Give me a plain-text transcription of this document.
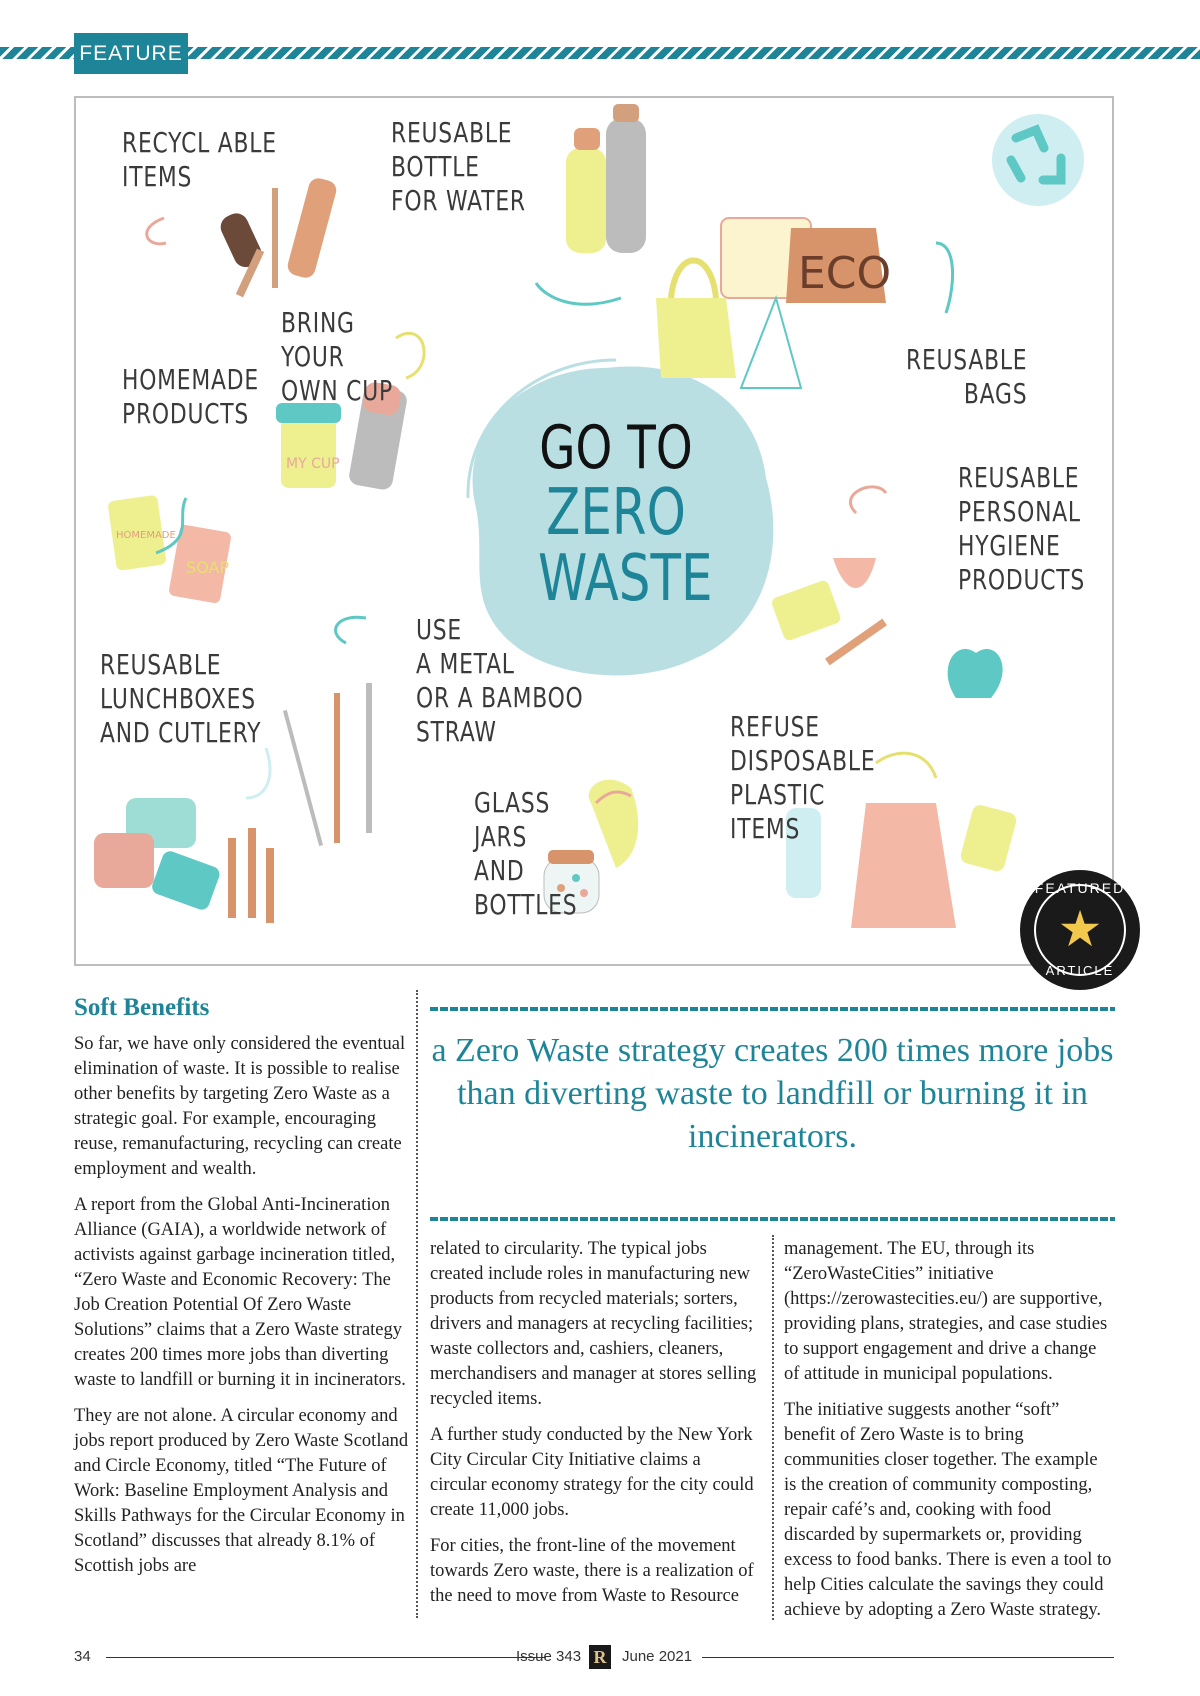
FEATURE
ECO
MY CUP
HOMEMADE
SOAP
RECYCL ABLE
ITEMS
REUSABLE
BOTTLE
FOR WATER
BRING
YOUR
OWN CUP
HOMEMADE
PRODUCTS
REUSABLE
BAGS
REUSABLE
PERSONAL
HYGIENE
PRODUCTS
REUSABLE
LUNCHBOXES
AND CUTLERY
USE
A METAL
OR A BAMBOO
STRAW
GLASS
JARS
AND
BOTTLES
REFUSE
DISPOSABLE
PLASTIC
ITEMS
GO TO
ZERO
WASTE
FEATURED
★
ARTICLE
Soft Benefits

So far, we have only considered the eventual elimination of waste. It is possible to realise other benefits by targeting Zero Waste as a strategic goal. For example, encouraging reuse, remanufacturing, recycling can create employment and wealth.

A report from the Global Anti-Incineration Alliance (GAIA), a worldwide network of activists against garbage incineration titled, “Zero Waste and Economic Recovery: The Job Creation Potential Of Zero Waste Solutions” claims that a Zero Waste strategy creates 200 times more jobs than diverting waste to landfill or burning it in incinerators.

They are not alone. A circular economy and jobs report produced by Zero Waste Scotland and Circle Economy, titled “The Future of Work: Baseline Employment Analysis and Skills Pathways for the Circular Economy in Scotland” discusses that already 8.1% of Scottish jobs are

a Zero Waste strategy creates 200 times more jobs than diverting waste to landfill or burning it in incinerators.

related to circularity. The typical jobs created include roles in manufacturing new products from recycled materials; sorters, drivers and managers at recycling facilities; waste collectors and, cashiers, cleaners, merchandisers and manager at stores selling recycled items.

A further study conducted by the New York City Circular City Initiative claims a circular economy strategy for the city could create 11,000 jobs.

For cities, the front-line of the movement towards Zero waste, there is a realization of the need to move from Waste to Resource

management. The EU, through its “ZeroWasteCities” initiative (https://zerowastecities.eu/) are supportive, providing plans, strategies, and case studies to support engagement and drive a change of attitude in municipal populations.

The initiative suggests another “soft” benefit of Zero Waste is to bring communities closer together. The example is the creation of community composting, repair café’s and, cooking with food discarded by supermarkets or, providing excess to food banks. There is even a tool to help Cities calculate the savings they could achieve by adopting a Zero Waste strategy.

34	Issue 343 R	June 2021
